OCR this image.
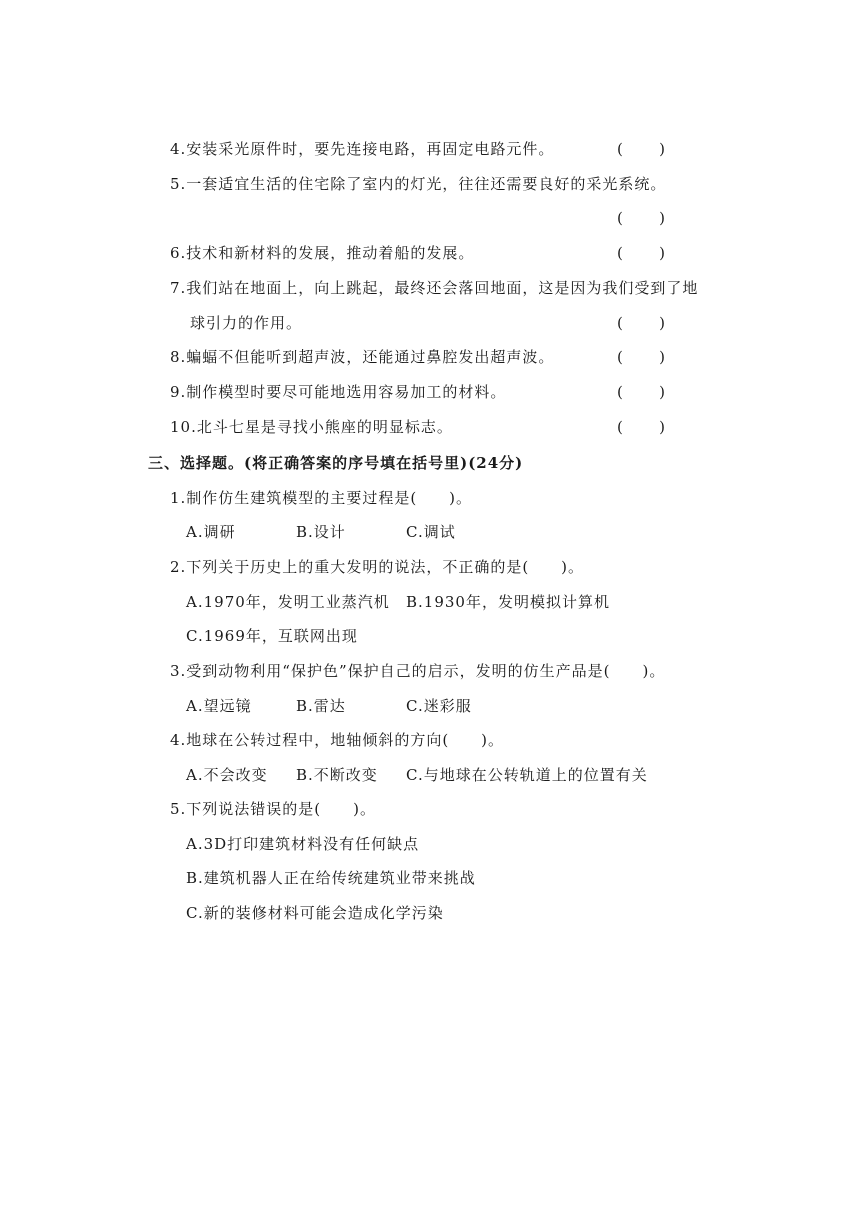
4.安装采光原件时，要先连接电路，再固定电路元件。	( )
5.一套适宜生活的住宅除了室内的灯光，往往还需要良好的采光系统。
( )
6.技术和新材料的发展，推动着船的发展。	( )
7.我们站在地面上，向上跳起，最终还会落回地面，这是因为我们受到了地
球引力的作用。	( )
8.蝙蝠不但能听到超声波，还能通过鼻腔发出超声波。	( )
9.制作模型时要尽可能地选用容易加工的材料。	( )
10.北斗七星是寻找小熊座的明显标志。	( )
三、选择题。(将正确答案的序号填在括号里)(24分)
1.制作仿生建筑模型的主要过程是(　　)。
A.调研	B.设计	C.调试
2.下列关于历史上的重大发明的说法，不正确的是(　　)。
A.1970年，发明工业蒸汽机 B.1930年，发明模拟计算机
C.1969年，互联网出现
3.受到动物利用“保护色”保护自己的启示，发明的仿生产品是(　　)。
A.望远镜	B.雷达	C.迷彩服
4.地球在公转过程中，地轴倾斜的方向(　　)。
A.不会改变 B.不断改变 C.与地球在公转轨道上的位置有关
5.下列说法错误的是(　　)。
A.3D打印建筑材料没有任何缺点
B.建筑机器人正在给传统建筑业带来挑战
C.新的装修材料可能会造成化学污染
